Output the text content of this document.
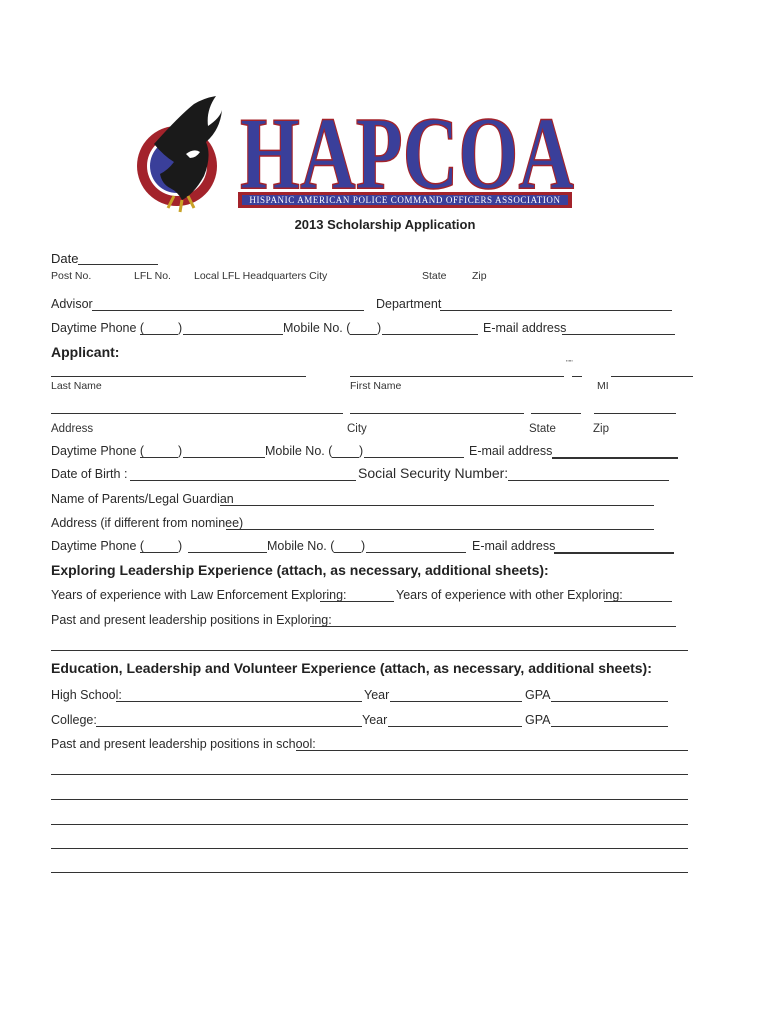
HISPANIC AMERICAN POLICE COMMAND OFFICERS ASSOCIATION
HAPCOA
2013 Scholarship Application
Date
Post No.	LFL No. Local LFL Headquarters City	State Zip
Advisor	Department
Daytime Phone (	)	Mobile No. ( )	E-mail address
Applicant:
'''''
Last Name	First Name	MI
Address	City	State	Zip
Daytime Phone (	)	Mobile No. ( )	E-mail address
Date of Birth :	Social Security Number:
Name of Parents/Legal Guardian
Address (if different from nominee)
Daytime Phone (	)	Mobile No. ( )	E-mail address
Exploring Leadership Experience (attach, as necessary, additional sheets):
Years of experience with Law Enforcement Exploring:	Years of experience with other Exploring:
Past and present leadership positions in Exploring:
Education, Leadership and Volunteer Experience (attach, as necessary, additional sheets):
High School:	Year	GPA
College:	Year	GPA
Past and present leadership positions in school:
